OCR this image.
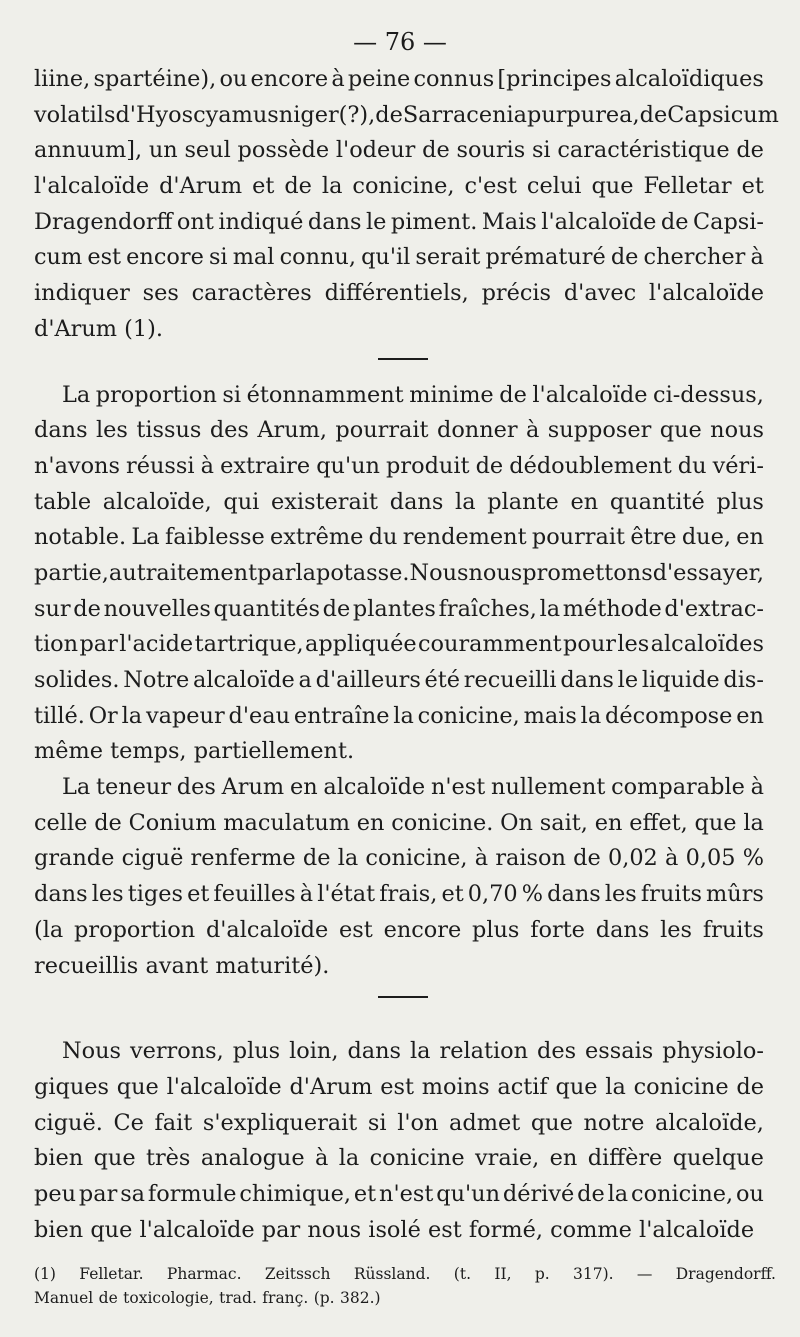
— 76 —
liine, spartéine), ou encore à peine connus [principes alcaloïdiques
volatils d'Hyoscyamus niger (?), de Sarracenia purpurea, de Capsicum
annuum], un seul possède l'odeur de souris si caractéristique de
l'alcaloïde d'Arum et de la conicine, c'est celui que Felletar et
Dragendorff ont indiqué dans le piment. Mais l'alcaloïde de Capsi-
cum est encore si mal connu, qu'il serait prématuré de chercher à
indiquer ses caractères différentiels, précis d'avec l'alcaloïde
d'Arum (1).
La proportion si étonnamment minime de l'alcaloïde ci-dessus,
dans les tissus des Arum, pourrait donner à supposer que nous
n'avons réussi à extraire qu'un produit de dédoublement du véri-
table alcaloïde, qui existerait dans la plante en quantité plus
notable. La faiblesse extrême du rendement pourrait être due, en
partie, au traitement par la potasse. Nous nous promettons d'essayer,
sur de nouvelles quantités de plantes fraîches, la méthode d'extrac-
tion par l'acide tartrique, appliquée couramment pour les alcaloïdes
solides. Notre alcaloïde a d'ailleurs été recueilli dans le liquide dis-
tillé. Or la vapeur d'eau entraîne la conicine, mais la décompose en
même temps, partiellement.
La teneur des Arum en alcaloïde n'est nullement comparable à
celle de Conium maculatum en conicine. On sait, en effet, que la
grande ciguë renferme de la conicine, à raison de 0,02 à 0,05 %
dans les tiges et feuilles à l'état frais, et 0,70 % dans les fruits mûrs
(la proportion d'alcaloïde est encore plus forte dans les fruits
recueillis avant maturité).
Nous verrons, plus loin, dans la relation des essais physiolo-
giques que l'alcaloïde d'Arum est moins actif que la conicine de
ciguë. Ce fait s'expliquerait si l'on admet que notre alcaloïde,
bien que très analogue à la conicine vraie, en diffère quelque
peu par sa formule chimique, et n'est qu'un dérivé de la conicine, ou
bien que l'alcaloïde par nous isolé est formé, comme l'alcaloïde
(1) Felletar. Pharmac. Zeitssch Rüssland. (t. II, p. 317). — Dragendorff.
Manuel de toxicologie, trad. franç. (p. 382.)
